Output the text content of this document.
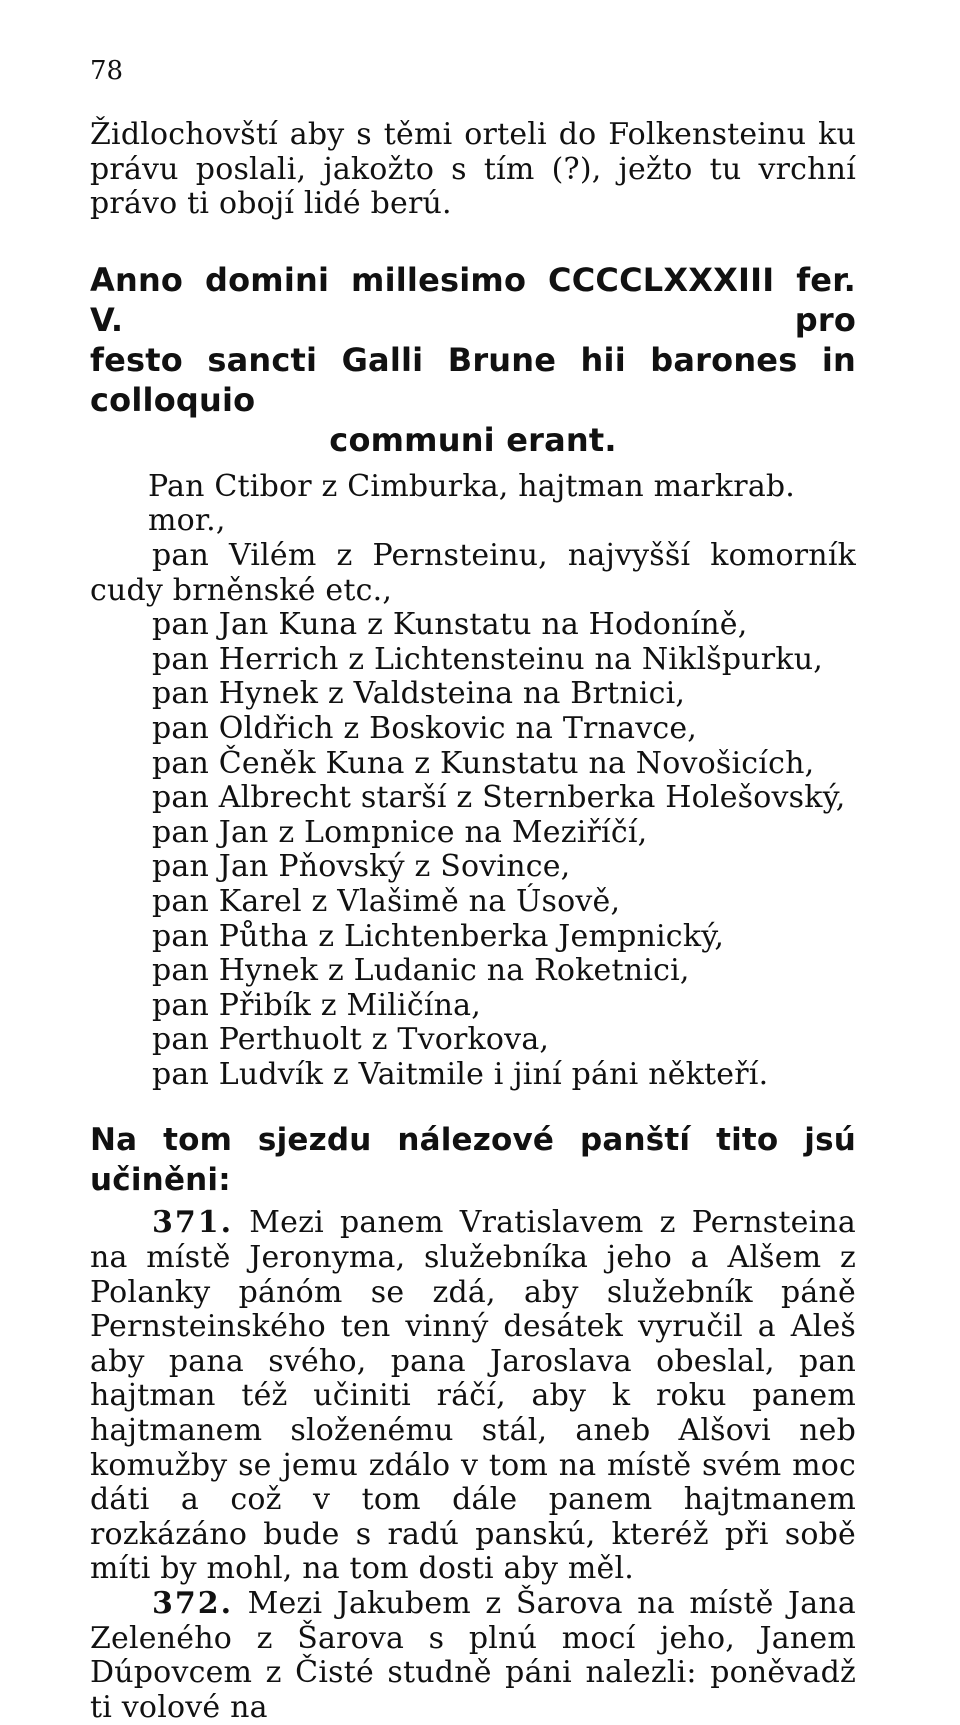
78

Židlochovští aby s těmi orteli do Folkensteinu ku právu poslali, jakožto s tím (?), ježto tu vrchní právo ti obojí lidé berú.

Anno domini millesimo CCCCLXXXIII fer. V. pro
festo sancti Galli Brune hii barones in colloquio
communi erant.
Pan Ctibor z Cimburka, hajtman markrab. mor.,
pan Vilém z Pernsteinu, najvyšší komorník cudy brněnské etc.,
pan Jan Kuna z Kunstatu na Hodoníně,
pan Herrich z Lichtensteinu na Niklšpurku,
pan Hynek z Valdsteina na Brtnici,
pan Oldřich z Boskovic na Trnavce,
pan Čeněk Kuna z Kunstatu na Novošicích,
pan Albrecht starší z Sternberka Holešovský,
pan Jan z Lompnice na Meziříčí,
pan Jan Pňovský z Sovince,
pan Karel z Vlašimě na Úsově,
pan Půtha z Lichtenberka Jempnický,
pan Hynek z Ludanic na Roketnici,
pan Přibík z Miličína,
pan Perthuolt z Tvorkova,
pan Ludvík z Vaitmile i jiní páni někteří.
Na tom sjezdu nálezové panští tito jsú učiněni:

371. Mezi panem Vratislavem z Pernsteina na místě Jeronyma, služebníka jeho a Alšem z Polanky pánóm se zdá, aby služebník páně Pernsteinského ten vinný desátek vyručil a Aleš aby pana svého, pana Jaroslava obeslal, pan hajtman též učiniti ráčí, aby k roku panem hajtmanem složenému stál, aneb Alšovi neb komužby se jemu zdálo v tom na místě svém moc dáti a což v tom dále panem hajtmanem rozkázáno bude s radú panskú, kteréž při sobě míti by mohl, na tom dosti aby měl.

372. Mezi Jakubem z Šarova na místě Jana Zeleného z Šarova s plnú mocí jeho, Janem Dúpovcem z Čisté studně páni nalezli: poněvadž ti volové na
